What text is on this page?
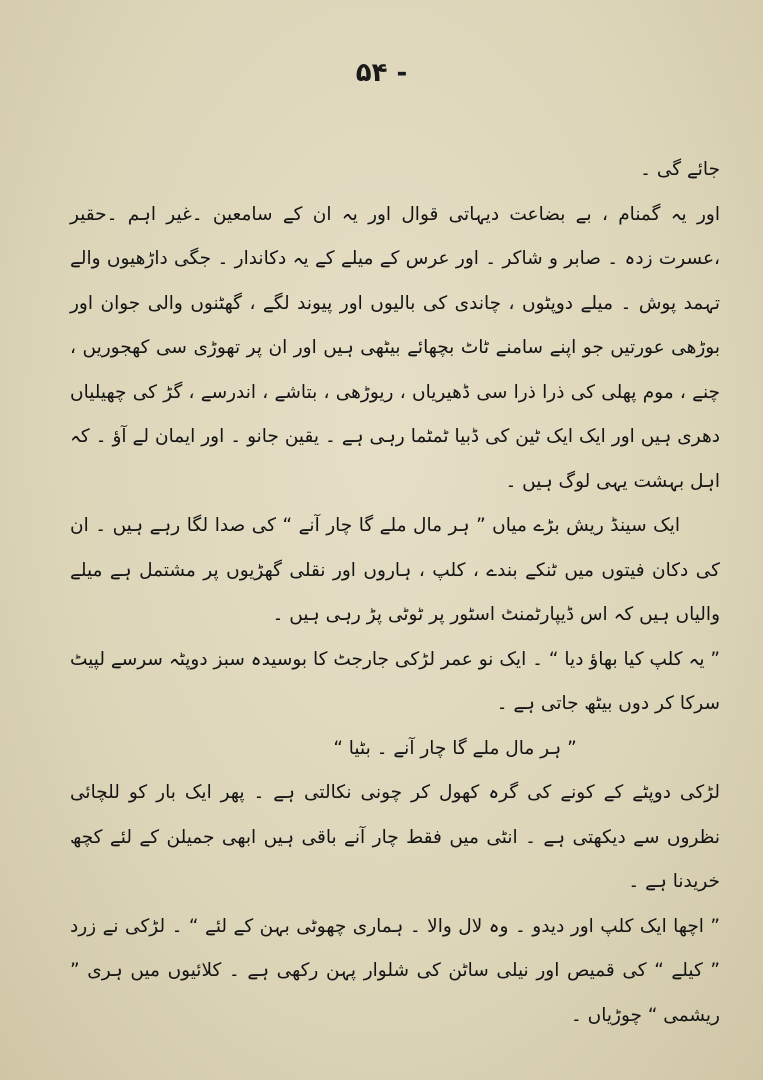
۵۴ -

جائے گی ۔

اور یہ گمنام ، بے بضاعت دیہاتی قوال اور یہ ان کے سامعین ۔غیر اہم ۔حقیر ،عسرت زدہ ۔ صابر و شاکر ۔ اور عرس کے میلے کے یہ دکاندار ۔ جگی داڑھیوں والے تہمد پوش ۔ میلے دوپٹوں ، چاندی کی بالیوں اور پیوند لگے ، گھٹنوں والی جوان اور بوڑھی عورتیں جو اپنے سامنے ٹاٹ بچھائے بیٹھی ہیں اور ان پر تھوڑی سی کھجوریں ، چنے ، موم پھلی کی ذرا ذرا سی ڈھیریاں ، ریوڑھی ، بتاشے ، اندرسے ، گڑ کی چھیلیاں دھری ہیں اور ایک ایک ٹین کی ڈبیا ٹمٹما رہی ہے ۔ یقین جانو ۔ اور ایمان لے آؤ ۔ کہ اہل بہشت یہی لوگ ہیں ۔

ایک سینڈ ریش بڑے میاں ” ہر مال ملے گا چار آنے “ کی صدا لگا رہے ہیں ۔ ان کی دکان فیتوں میں ٹنکے بندے ، کلپ ، ہاروں اور نقلی گھڑیوں پر مشتمل ہے میلے والیاں ہیں کہ اس ڈیپارٹمنٹ اسٹور پر ٹوٹی پڑ رہی ہیں ۔

” یہ کلپ کیا بھاؤ دیا “ ۔ ایک نو عمر لڑکی جارجٹ کا بوسیدہ سبز دوپٹہ سرسے لپیٹ سرکا کر دوں بیٹھ جاتی ہے ۔

” ہر مال ملے گا چار آنے ۔ بٹیا “

لڑکی دوپٹے کے کونے کی گرہ کھول کر چونی نکالتی ہے ۔ پھر ایک بار کو للچائی نظروں سے دیکھتی ہے ۔ انٹی میں فقط چار آنے باقی ہیں ابھی جمیلن کے لئے کچھ خریدنا ہے ۔

” اچھا ایک کلپ اور دیدو ۔ وہ لال والا ۔ ہماری چھوٹی بہن کے لئے “ ۔ لڑکی نے زرد ” کیلے “ کی قمیص اور نیلی ساٹن کی شلوار پہن رکھی ہے ۔ کلائیوں میں ہری ” ریشمی “ چوڑیاں ۔
